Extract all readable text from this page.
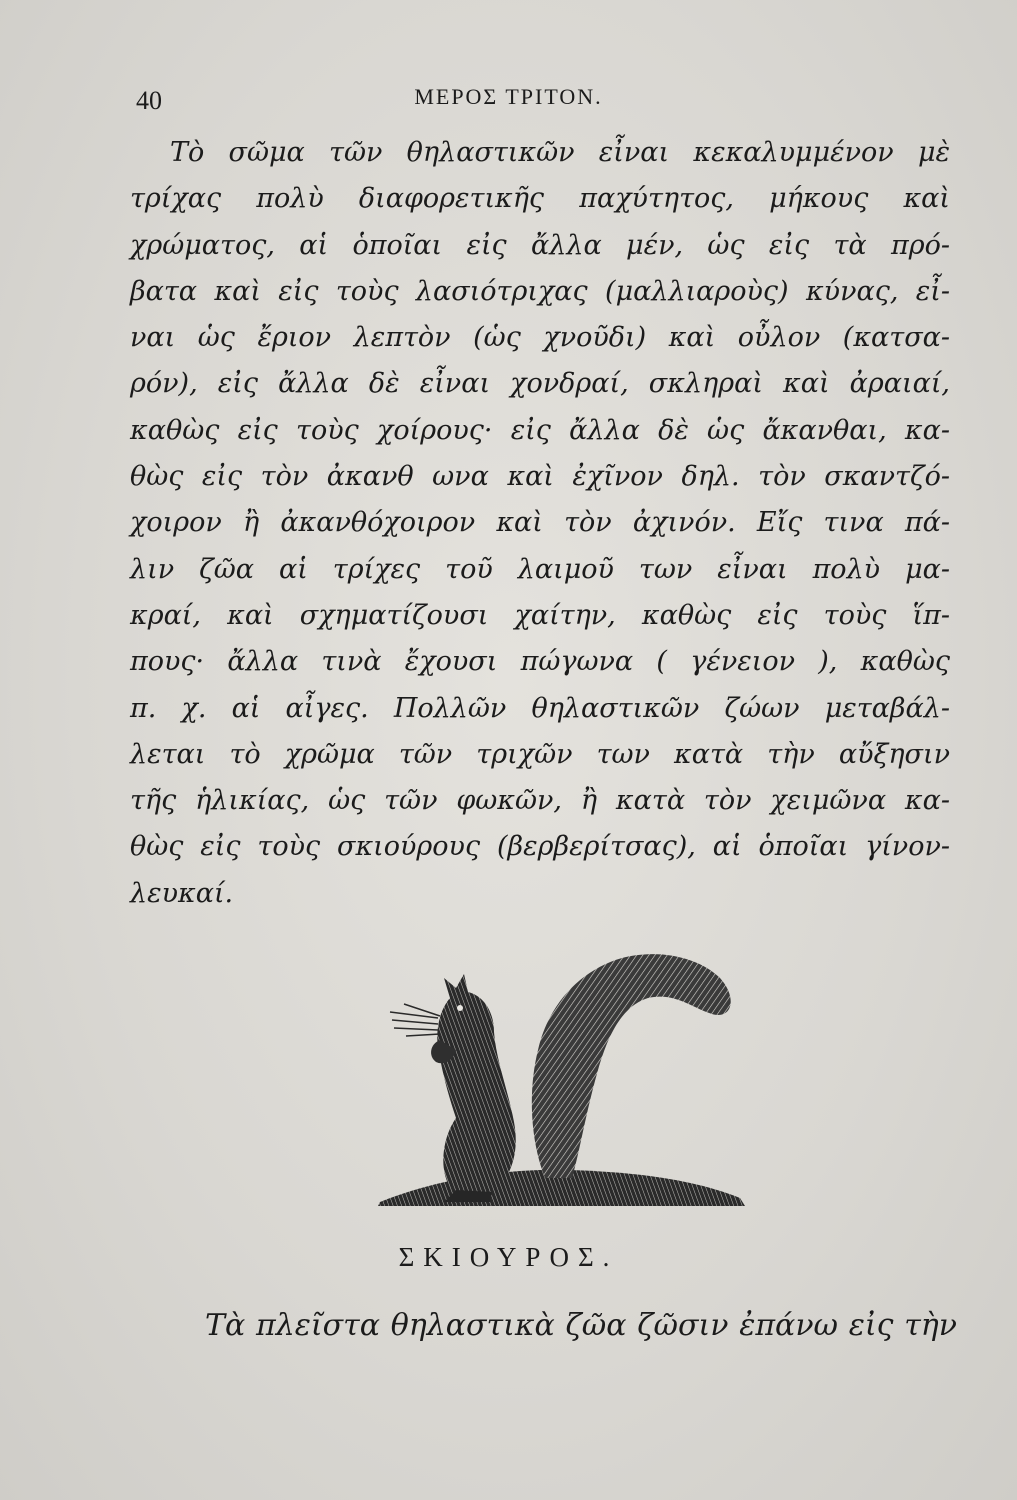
40	ΜΕΡΟΣ ΤΡΙΤΟΝ.
Τὸ σῶμα τῶν θηλαστικῶν εἶναι κεκαλυμμένον μὲ
τρίχας πολὺ διαφορετικῆς παχύτητος, μήκους καὶ
χρώματος, αἱ ὁποῖαι εἰς ἄλλα μέν, ὡς εἰς τὰ πρό-
βατα καὶ εἰς τοὺς λασιότριχας (μαλλιαροὺς) κύνας, εἶ-
ναι ὡς ἔριον λεπτὸν (ὡς χνοῦδι) καὶ οὖλον (κατσα-
ρόν), εἰς ἄλλα δὲ εἶναι χονδραί, σκληραὶ καὶ ἀραιαί,
καθὼς εἰς τοὺς χοίρους· εἰς ἄλλα δὲ ὡς ἄκανθαι, κα-
θὼς εἰς τὸν ἀκανθ ωνα καὶ ἐχῖνον δηλ. τὸν σκαντζό-
χοιρον ἢ ἀκανθόχοιρον καὶ τὸν ἀχινόν. Εἴς τινα πά-
λιν ζῶα αἱ τρίχες τοῦ λαιμοῦ των εἶναι πολὺ μα-
κραί, καὶ σχηματίζουσι χαίτην, καθὼς εἰς τοὺς ἵπ-
πους· ἄλλα τινὰ ἔχουσι πώγωνα ( γένειον ), καθὼς
π. χ. αἱ αἶγες. Πολλῶν θηλαστικῶν ζώων μεταβάλ-
λεται τὸ χρῶμα τῶν τριχῶν των κατὰ τὴν αὔξησιν
τῆς ἡλικίας, ὡς τῶν φωκῶν, ἢ κατὰ τὸν χειμῶνα κα-
θὼς εἰς τοὺς σκιούρους (βερβερίτσας), αἱ ὁποῖαι γίνον-
λευκαί.
ΣΚΙΟΥΡΟΣ.
Τὰ πλεῖστα θηλαστικὰ ζῶα ζῶσιν ἐπάνω εἰς τὴν
